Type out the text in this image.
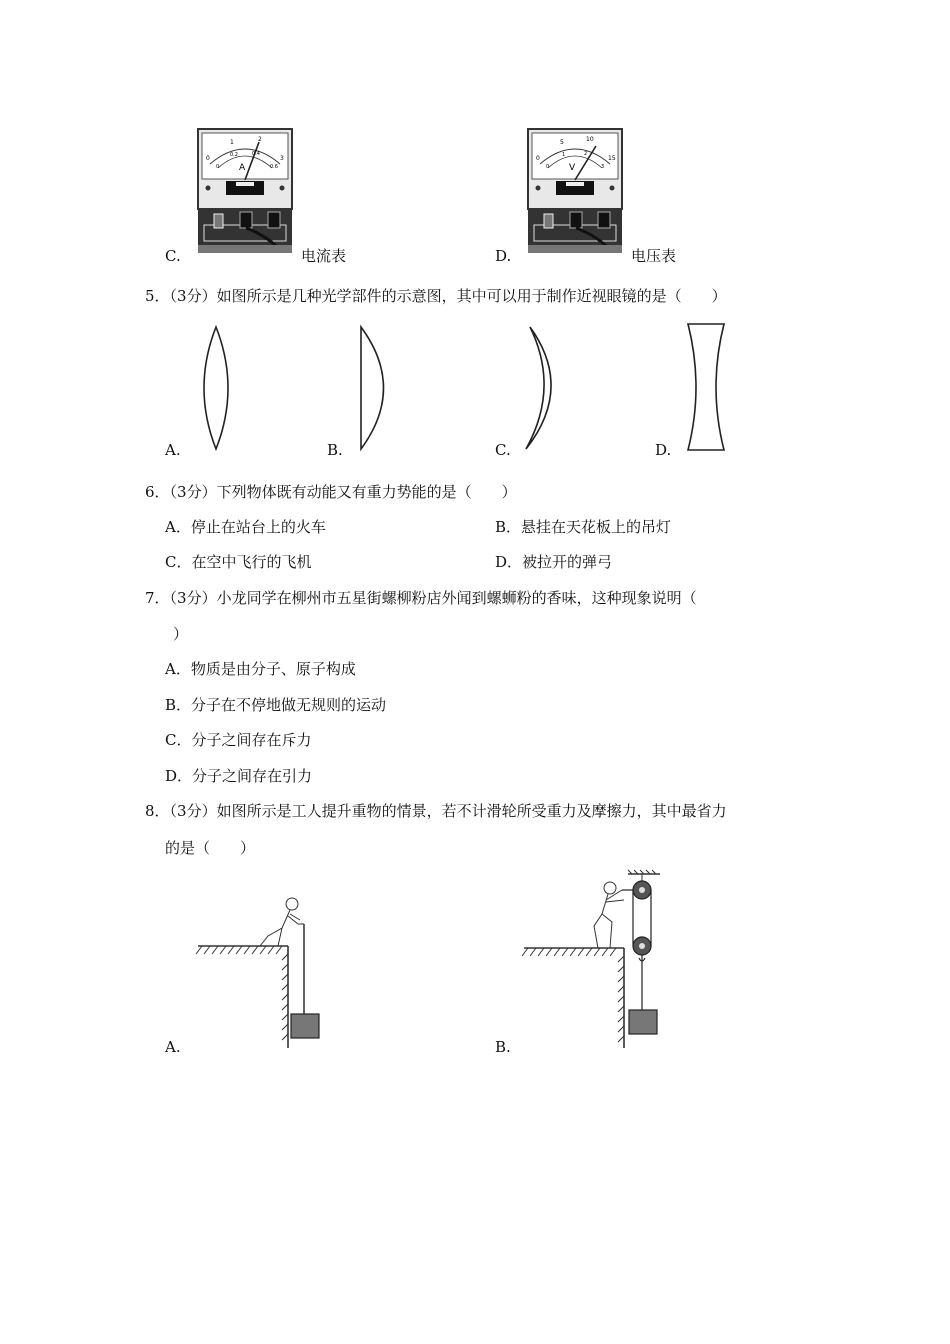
C.
0
1	2
3
0
0.2	0.4
0.6
A
电流表	D.
0
5	10
15
0
1	2
3
V
电压表
5．（3分）如图所示是几种光学部件的示意图，其中可以用于制作近视眼镜的是（　　）
A.	B.	C.	D.
6．（3分）下列物体既有动能又有重力势能的是（　　）
A．停止在站台上的火车	B．悬挂在天花板上的吊灯
C．在空中飞行的飞机	D．被拉开的弹弓
7．（3分）小龙同学在柳州市五星街螺柳粉店外闻到螺蛳粉的香味，这种现象说明（
）
A．物质是由分子、原子构成
B．分子在不停地做无规则的运动
C．分子之间存在斥力
D．分子之间存在引力
8．（3分）如图所示是工人提升重物的情景，若不计滑轮所受重力及摩擦力，其中最省力
的是（　　）
A.	B.
